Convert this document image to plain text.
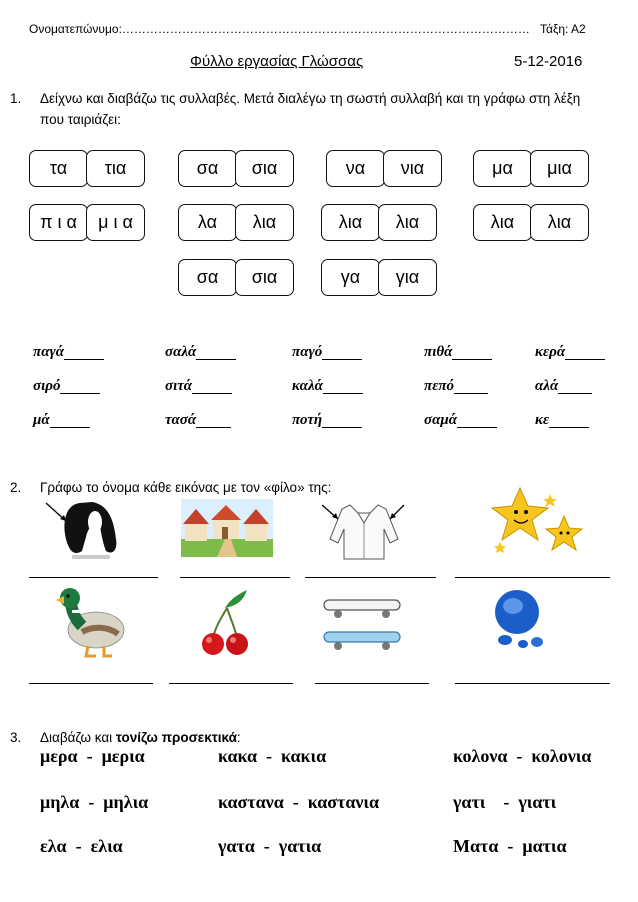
Ονοματεπώνυμο:………………………………………………………………………………………… Τάξη: Α2
Φύλλο εργασίας Γλώσσας	5-12-2016
1. Δείχνω και διαβάζω τις συλλαβές. Μετά διαλέγω τη σωστή συλλαβή και τη γράφω στη λέξη
που ταιριάζει:
τα	τια	σα	σια	να	νια	μα	μια
π ι α	μ ι α	λα	λια	λια	λια	λια	λια
σα	σια	γα	για
παγά	σαλά	παγό	πιθά	κερά
σιρό	σιτά	καλά	πεπό	αλά
μά	τασά	ποτή	σαμά	κε
2. Γράφω το όνομα κάθε εικόνας με τον «φίλο» της:
3. Διαβάζω και τονίζω προσεκτικά:
μερα  -  μερια	κακα  -  κακια	κολονα  -  κολονια
μηλα  -  μηλια	καστανα  -  καστανια	γατι    -  γιατι
ελα  -  ελια	γατα  -  γατια	Ματα  -  ματια
